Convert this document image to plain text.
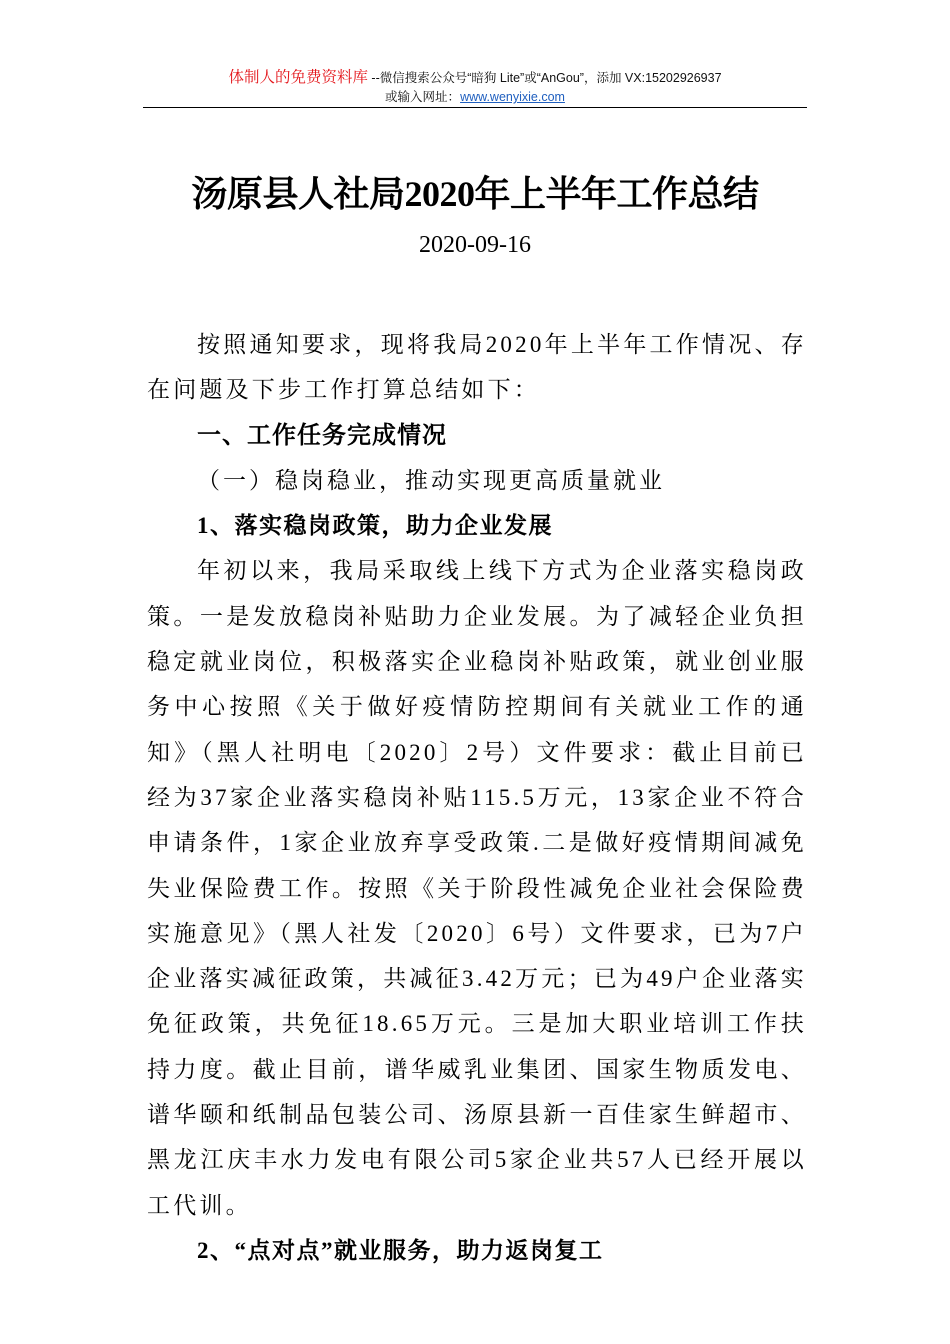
体制人的免费资料库 --微信搜索公众号“暗狗 Lite”或“AnGou”，添加 VX:15202926937
或输入网址：www.wenyixie.com
汤原县人社局2020年上半年工作总结
2020-09-16

按照通知要求，现将我局2020年上半年工作情况、存在问题及下步工作打算总结如下：

一、工作任务完成情况

（一）稳岗稳业，推动实现更高质量就业

1、落实稳岗政策，助力企业发展

年初以来，我局采取线上线下方式为企业落实稳岗政策。一是发放稳岗补贴助力企业发展。为了减轻企业负担稳定就业岗位，积极落实企业稳岗补贴政策，就业创业服务中心按照《关于做好疫情防控期间有关就业工作的通知》（黑人社明电〔2020〕2号）文件要求：截止目前已经为37家企业落实稳岗补贴115.5万元，13家企业不符合申请条件，1家企业放弃享受政策.二是做好疫情期间减免失业保险费工作。按照《关于阶段性减免企业社会保险费实施意见》（黑人社发〔2020〕6号）文件要求，已为7户企业落实减征政策，共减征3.42万元；已为49户企业落实免征政策，共免征18.65万元。三是加大职业培训工作扶持力度。截止目前，谱华威乳业集团、国家生物质发电、谱华颐和纸制品包装公司、汤原县新一百佳家生鲜超市、黑龙江庆丰水力发电有限公司5家企业共57人已经开展以工代训。

2、“点对点”就业服务，助力返岗复工
